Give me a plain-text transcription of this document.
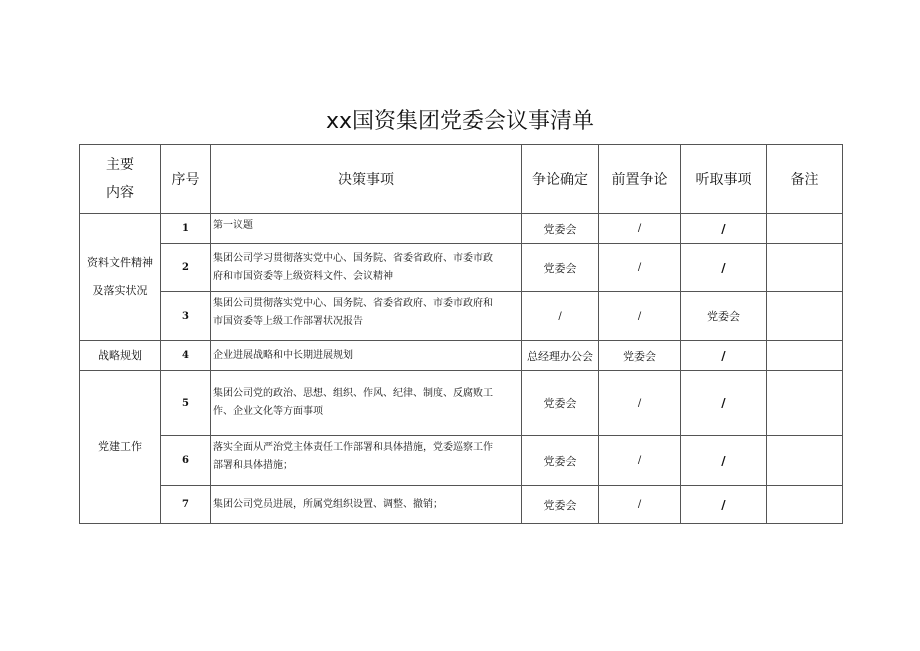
xx国资集团党委会议事清单
主要
内容	序号	决策事项	争论确定	前置争论	听取事项	备注

资料文件精神
及落实状况	1	第一议题	党委会	/	/	
	2	集团公司学习贯彻落实党中心、国务院、省委省政府、市委市政
府和市国资委等上级资料文件、会议精神	党委会	/	/	
	3	集团公司贯彻落实党中心、国务院、省委省政府、市委市政府和
市国资委等上级工作部署状况报告	/	/	党委会	
战略规划	4	企业进展战略和中长期进展规划	总经理办公会	党委会	/	
党建工作	5	集团公司党的政治、思想、组织、作风、纪律、制度、反腐败工
作、企业文化等方面事项	党委会	/	/	
	6	落实全面从严治党主体责任工作部署和具体措施，党委巡察工作
部署和具体措施；	党委会	/	/	
	7	集团公司党员进展，所属党组织设置、调整、撤销；	党委会	/	/	
